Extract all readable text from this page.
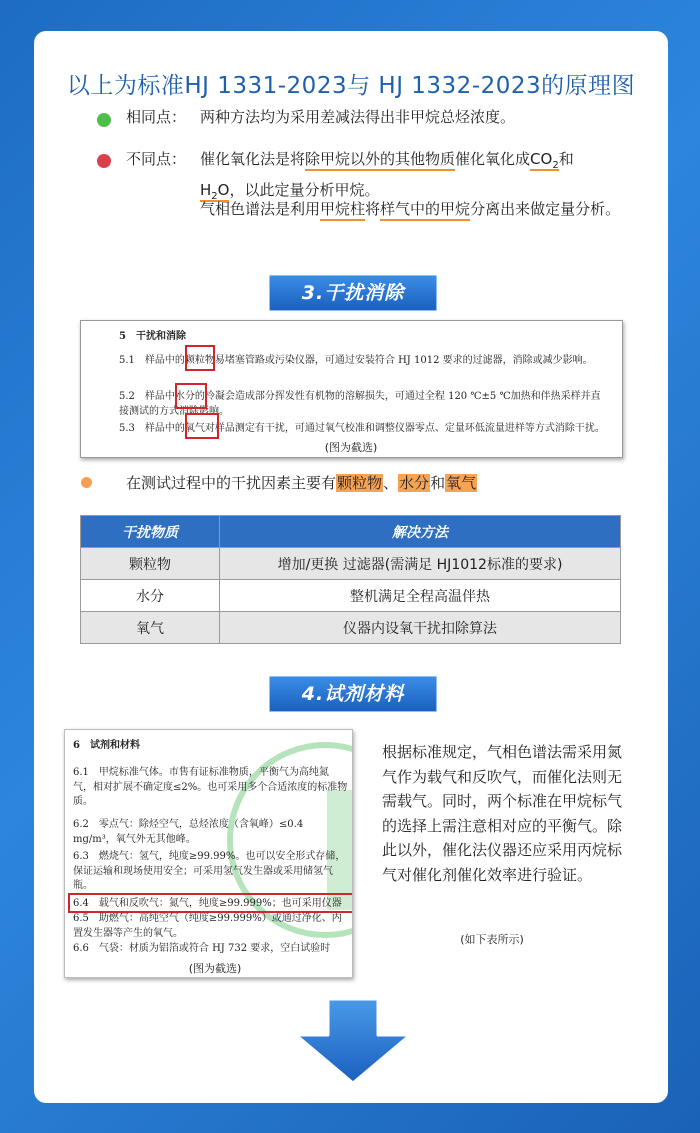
以上为标准HJ 1331-2023与 HJ 1332-2023的原理图
相同点： 两种方法均为采用差减法得出非甲烷总烃浓度。
不同点： 催化氧化法是将除甲烷以外的其他物质催化氧化成$CO_2$和
$H_2O$，以此定量分析甲烷。
气相色谱法是利用甲烷柱将样气中的甲烷分离出来做定量分析。
3.干扰消除
5　干扰和消除
5.1　样品中的颗粒物易堵塞管路或污染仪器，可通过安装符合 HJ 1012 要求的过滤器，消除或减少影响。
5.2　样品中水分的冷凝会造成部分挥发性有机物的溶解损失，可通过全程 120 ℃±5 ℃加热和伴热采样并直接测试的方式消除影响。
5.3　样品中的氧气对样品测定有干扰，可通过氧气校准和调整仪器零点、定量环低流量进样等方式消除干扰。
(图为截选)
在测试过程中的干扰因素主要有颗粒物、水分和氧气
干扰物质	解决方法
颗粒物	增加/更换 过滤器(需满足 HJ1012标准的要求)
水分	整机满足全程高温伴热
氧气	仪器内设氧干扰扣除算法
4.试剂材料
6　试剂和材料
6.1　甲烷标准气体。市售有证标准物质，平衡气为高纯氮气，相对扩展不确定度≤2%。也可采用多个合适浓度的标准物质。
6.2　零点气：除烃空气，总烃浓度（含氧峰）≤0.4 mg/m³，氧气外无其他峰。
6.3　燃烧气：氢气，纯度≥99.99%。也可以安全形式存储，保证运输和现场使用安全；可采用氢气发生器或采用储氢气瓶。
6.4　载气和反吹气：氮气，纯度≥99.999%；也可采用仪器
6.5　助燃气：高纯空气（纯度≥99.999%）或通过净化、内置发生器等产生的氧气。
6.6　气袋：材质为铝箔或符合 HJ 732 要求，空白试验时
(图为截选)
根据标准规定，气相色谱法需采用氮气作为载气和反吹气，而催化法则无需载气。同时，两个标准在甲烷标气的选择上需注意相对应的平衡气。除此以外，催化法仪器还应采用丙烷标气对催化剂催化效率进行验证。
(如下表所示)
